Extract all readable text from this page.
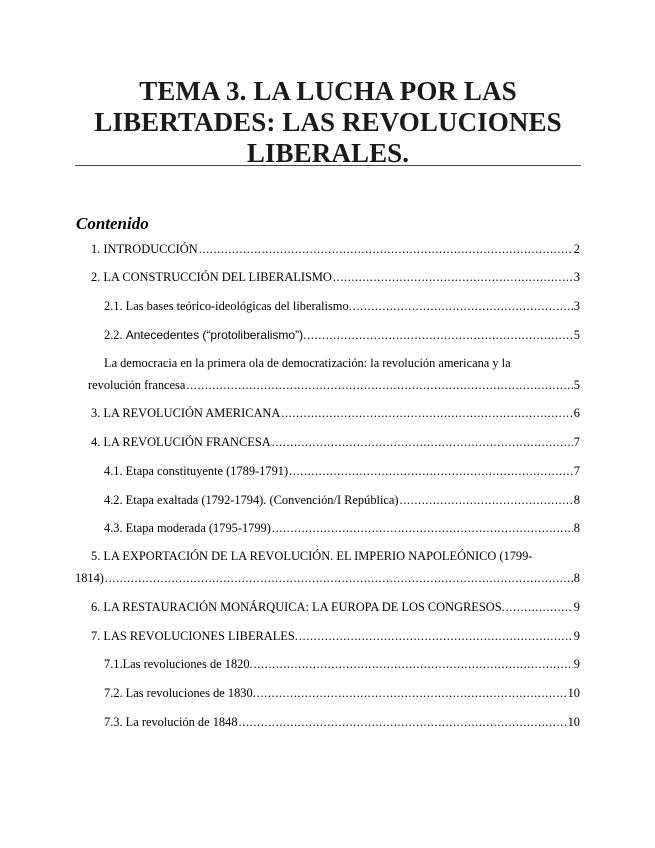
TEMA 3. LA LUCHA POR LAS LIBERTADES: LAS REVOLUCIONES LIBERALES.
Contenido
1. INTRODUCCIÓN .....	2
2. LA CONSTRUCCIÓN DEL LIBERALISMO .....	3
2.1. Las bases teórico-ideológicas del liberalismo. .....	3
2.2. Antecedentes (“protoliberalismo”). .....	5
La democracia en la primera ola de democratización: la revolución americana y la
revolución francesa .....	5
3. LA REVOLUCIÓN AMERICANA .....	6
4. LA REVOLUCIÓN FRANCESA .....	7
4.1. Etapa constituyente (1789-1791) .....	7
4.2. Etapa exaltada (1792-1794). (Convención/I República) .....	8
4.3. Etapa moderada (1795-1799) .....	8
5. LA EXPORTACIÓN DE LA REVOLUCIÓN. EL IMPERIO NAPOLEÓNICO (1799-
1814) .....	8
6. LA RESTAURACIÓN MONÁRQUICA: LA EUROPA DE LOS CONGRESOS. .....	9
7. LAS REVOLUCIONES LIBERALES. .....	9
7.1.Las revoluciones de 1820. .....	9
7.2. Las revoluciones de 1830. .....	10
7.3. La revolución de 1848 .....	10
